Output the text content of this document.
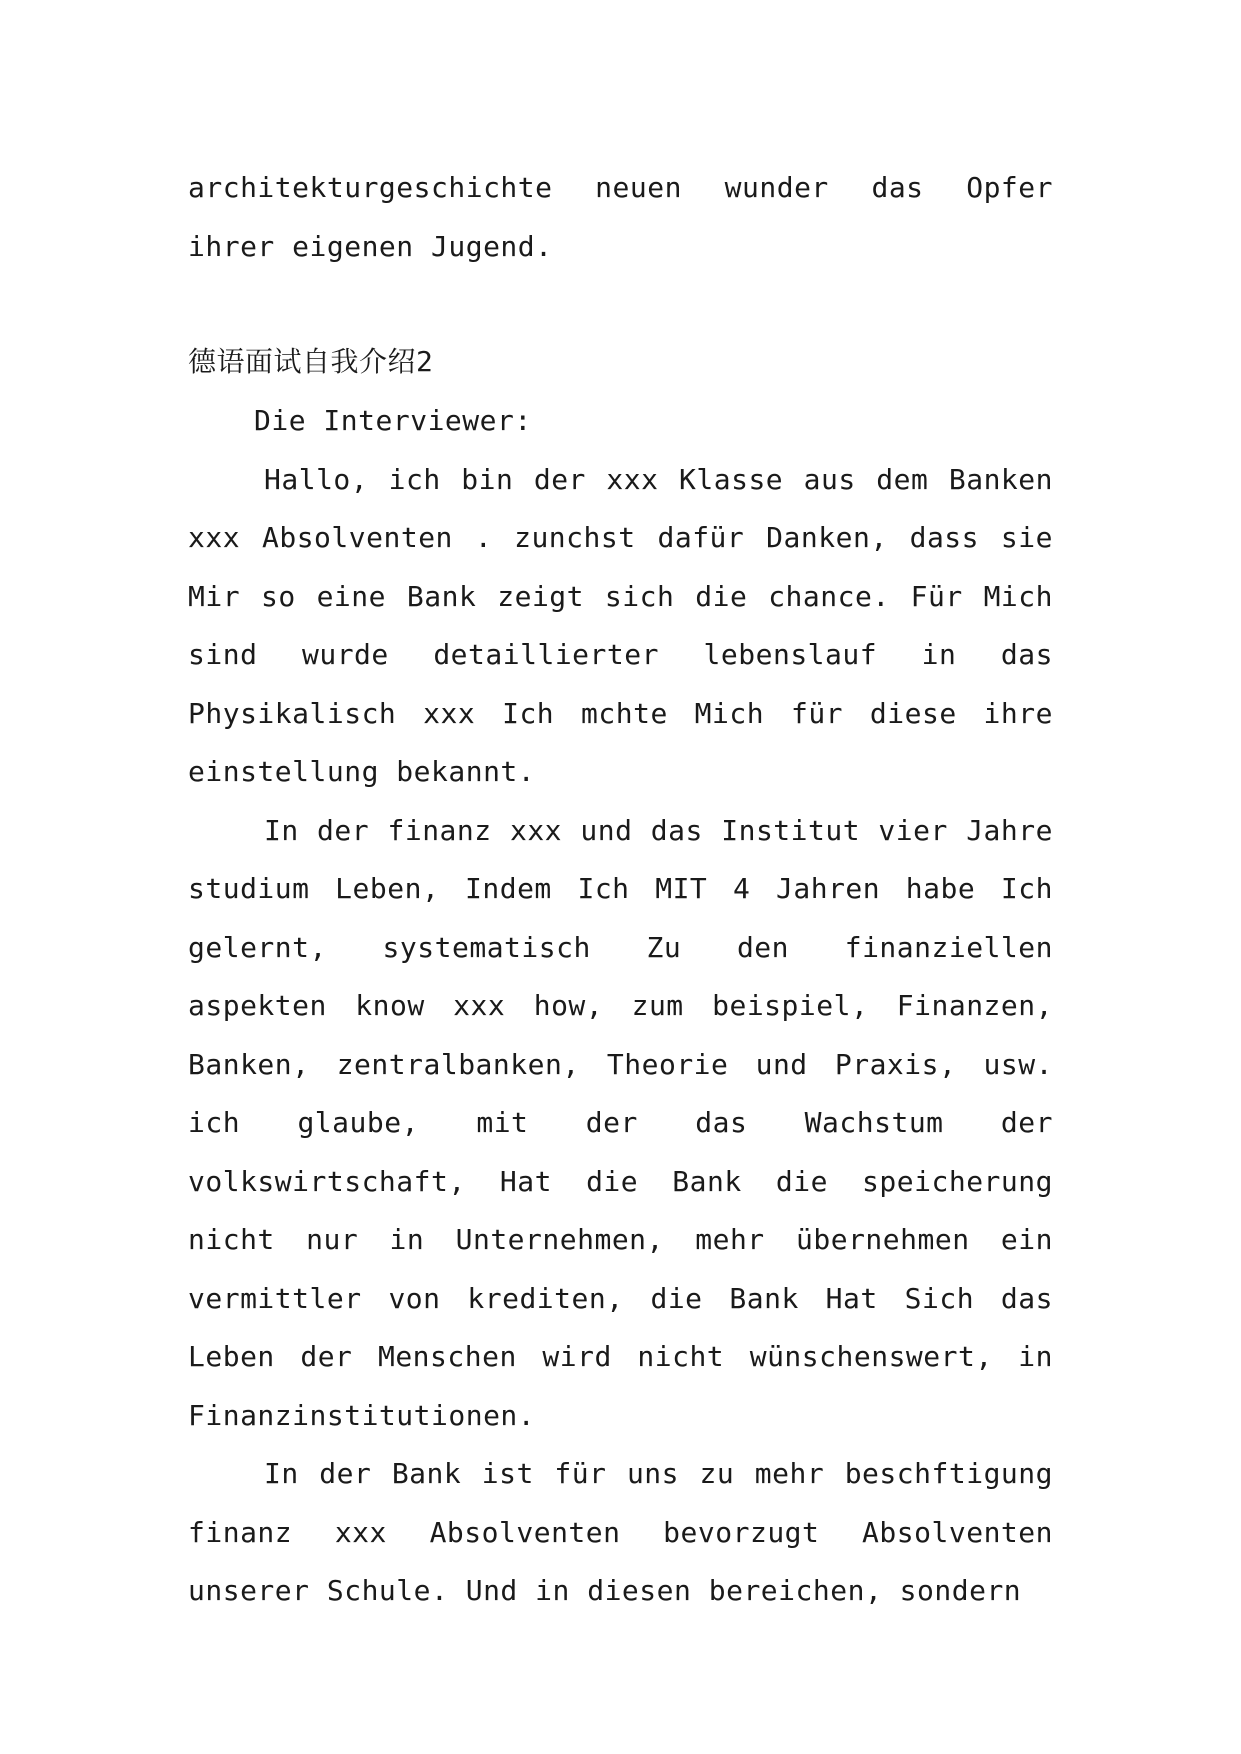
architekturgeschichte neuen wunder das Opfer ihrer eigenen Jugend.

德语面试自我介绍2

Die Interviewer:

Hallo, ich bin der xxx Klasse aus dem Banken xxx Absolventen . zunchst dafür Danken, dass sie Mir so eine Bank zeigt sich die chance. Für Mich sind wurde detaillierter lebenslauf in das Physikalisch xxx Ich mchte Mich für diese ihre einstellung bekannt.

In der finanz xxx und das Institut vier Jahre studium Leben, Indem Ich MIT 4 Jahren habe Ich gelernt, systematisch Zu den finanziellen aspekten know xxx how, zum beispiel, Finanzen, Banken, zentralbanken, Theorie und Praxis, usw. ich glaube, mit der das Wachstum der volkswirtschaft, Hat die Bank die speicherung nicht nur in Unternehmen, mehr übernehmen ein vermittler von krediten, die Bank Hat Sich das Leben der Menschen wird nicht wünschenswert, in Finanzinstitutionen.

In der Bank ist für uns zu mehr beschftigung finanz xxx Absolventen bevorzugt Absolventen unserer Schule. Und in diesen bereichen, sondern
